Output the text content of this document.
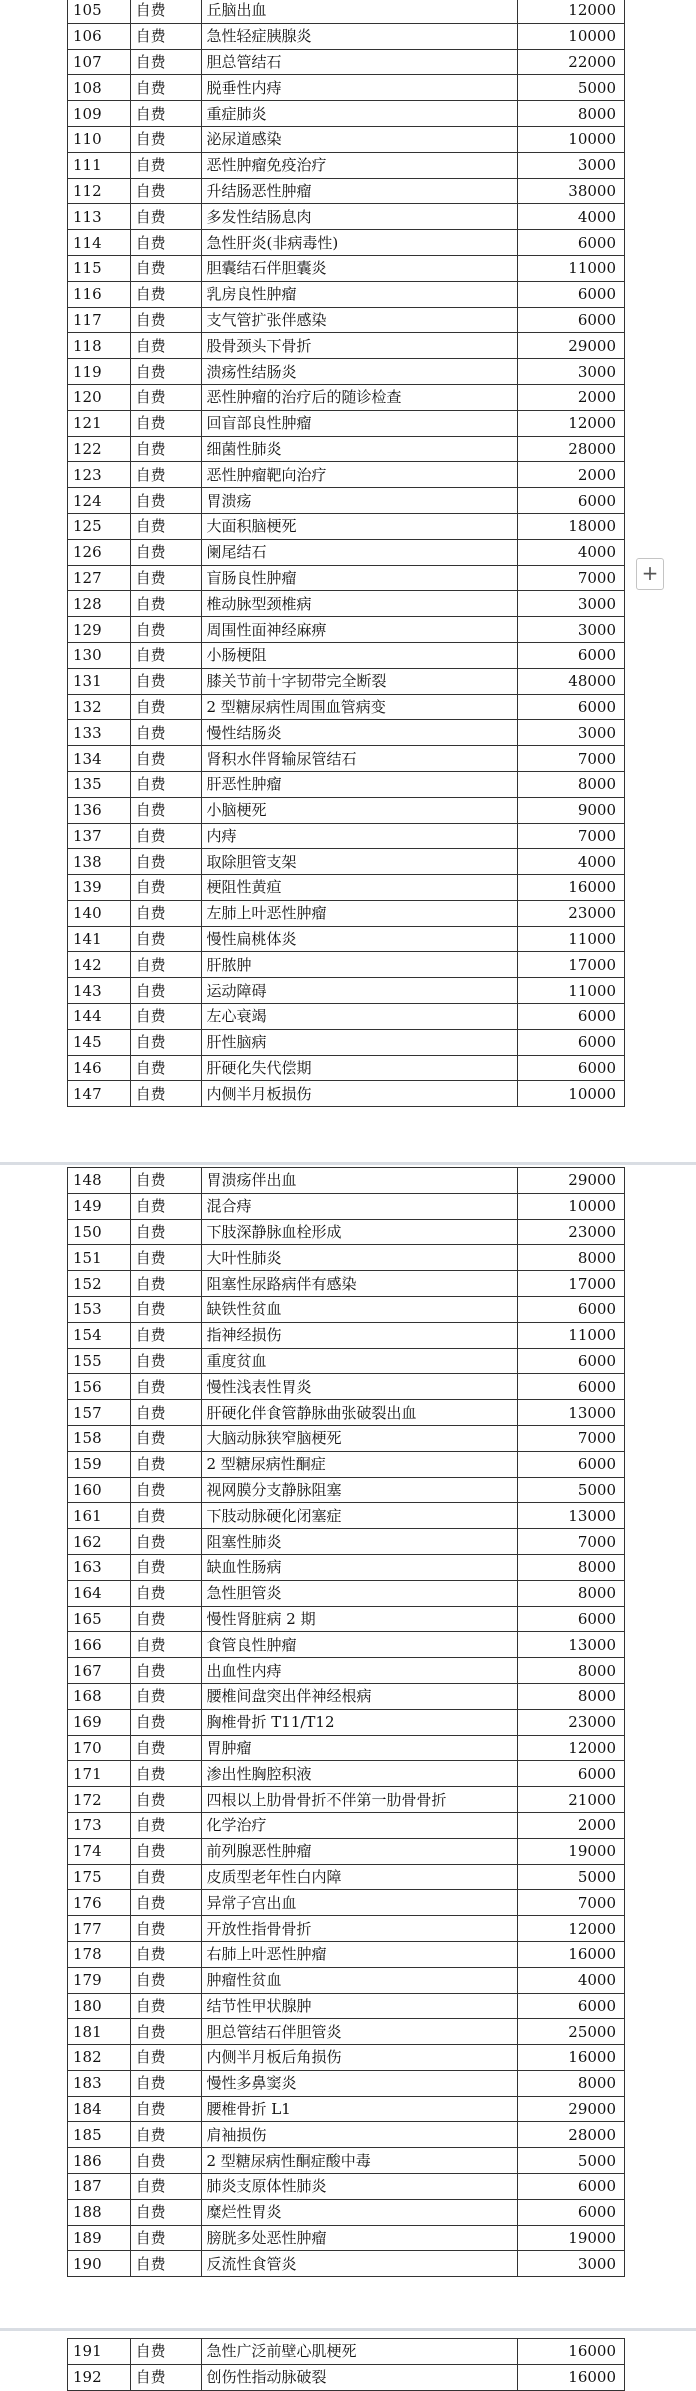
105	自费	丘脑出血	12000
106	自费	急性轻症胰腺炎	10000
107	自费	胆总管结石	22000
108	自费	脱垂性内痔	5000
109	自费	重症肺炎	8000
110	自费	泌尿道感染	10000
111	自费	恶性肿瘤免疫治疗	3000
112	自费	升结肠恶性肿瘤	38000
113	自费	多发性结肠息肉	4000
114	自费	急性肝炎(非病毒性)	6000
115	自费	胆囊结石伴胆囊炎	11000
116	自费	乳房良性肿瘤	6000
117	自费	支气管扩张伴感染	6000
118	自费	股骨颈头下骨折	29000
119	自费	溃疡性结肠炎	3000
120	自费	恶性肿瘤的治疗后的随诊检查	2000
121	自费	回盲部良性肿瘤	12000
122	自费	细菌性肺炎	28000
123	自费	恶性肿瘤靶向治疗	2000
124	自费	胃溃疡	6000
125	自费	大面积脑梗死	18000
126	自费	阑尾结石	4000
127	自费	盲肠良性肿瘤	7000
128	自费	椎动脉型颈椎病	3000
129	自费	周围性面神经麻痹	3000
130	自费	小肠梗阻	6000
131	自费	膝关节前十字韧带完全断裂	48000
132	自费	2 型糖尿病性周围血管病变	6000
133	自费	慢性结肠炎	3000
134	自费	肾积水伴肾输尿管结石	7000
135	自费	肝恶性肿瘤	8000
136	自费	小脑梗死	9000
137	自费	内痔	7000
138	自费	取除胆管支架	4000
139	自费	梗阻性黄疸	16000
140	自费	左肺上叶恶性肿瘤	23000
141	自费	慢性扁桃体炎	11000
142	自费	肝脓肿	17000
143	自费	运动障碍	11000
144	自费	左心衰竭	6000
145	自费	肝性脑病	6000
146	自费	肝硬化失代偿期	6000
147	自费	内侧半月板损伤	10000
148	自费	胃溃疡伴出血	29000
149	自费	混合痔	10000
150	自费	下肢深静脉血栓形成	23000
151	自费	大叶性肺炎	8000
152	自费	阻塞性尿路病伴有感染	17000
153	自费	缺铁性贫血	6000
154	自费	指神经损伤	11000
155	自费	重度贫血	6000
156	自费	慢性浅表性胃炎	6000
157	自费	肝硬化伴食管静脉曲张破裂出血	13000
158	自费	大脑动脉狭窄脑梗死	7000
159	自费	2 型糖尿病性酮症	6000
160	自费	视网膜分支静脉阻塞	5000
161	自费	下肢动脉硬化闭塞症	13000
162	自费	阻塞性肺炎	7000
163	自费	缺血性肠病	8000
164	自费	急性胆管炎	8000
165	自费	慢性肾脏病 2 期	6000
166	自费	食管良性肿瘤	13000
167	自费	出血性内痔	8000
168	自费	腰椎间盘突出伴神经根病	8000
169	自费	胸椎骨折 T11/T12	23000
170	自费	胃肿瘤	12000
171	自费	渗出性胸腔积液	6000
172	自费	四根以上肋骨骨折不伴第一肋骨骨折	21000
173	自费	化学治疗	2000
174	自费	前列腺恶性肿瘤	19000
175	自费	皮质型老年性白内障	5000
176	自费	异常子宫出血	7000
177	自费	开放性指骨骨折	12000
178	自费	右肺上叶恶性肿瘤	16000
179	自费	肿瘤性贫血	4000
180	自费	结节性甲状腺肿	6000
181	自费	胆总管结石伴胆管炎	25000
182	自费	内侧半月板后角损伤	16000
183	自费	慢性多鼻窦炎	8000
184	自费	腰椎骨折 L1	29000
185	自费	肩袖损伤	28000
186	自费	2 型糖尿病性酮症酸中毒	5000
187	自费	肺炎支原体性肺炎	6000
188	自费	糜烂性胃炎	6000
189	自费	膀胱多处恶性肿瘤	19000
190	自费	反流性食管炎	3000
191	自费	急性广泛前壁心肌梗死	16000
192	自费	创伤性指动脉破裂	16000
+
